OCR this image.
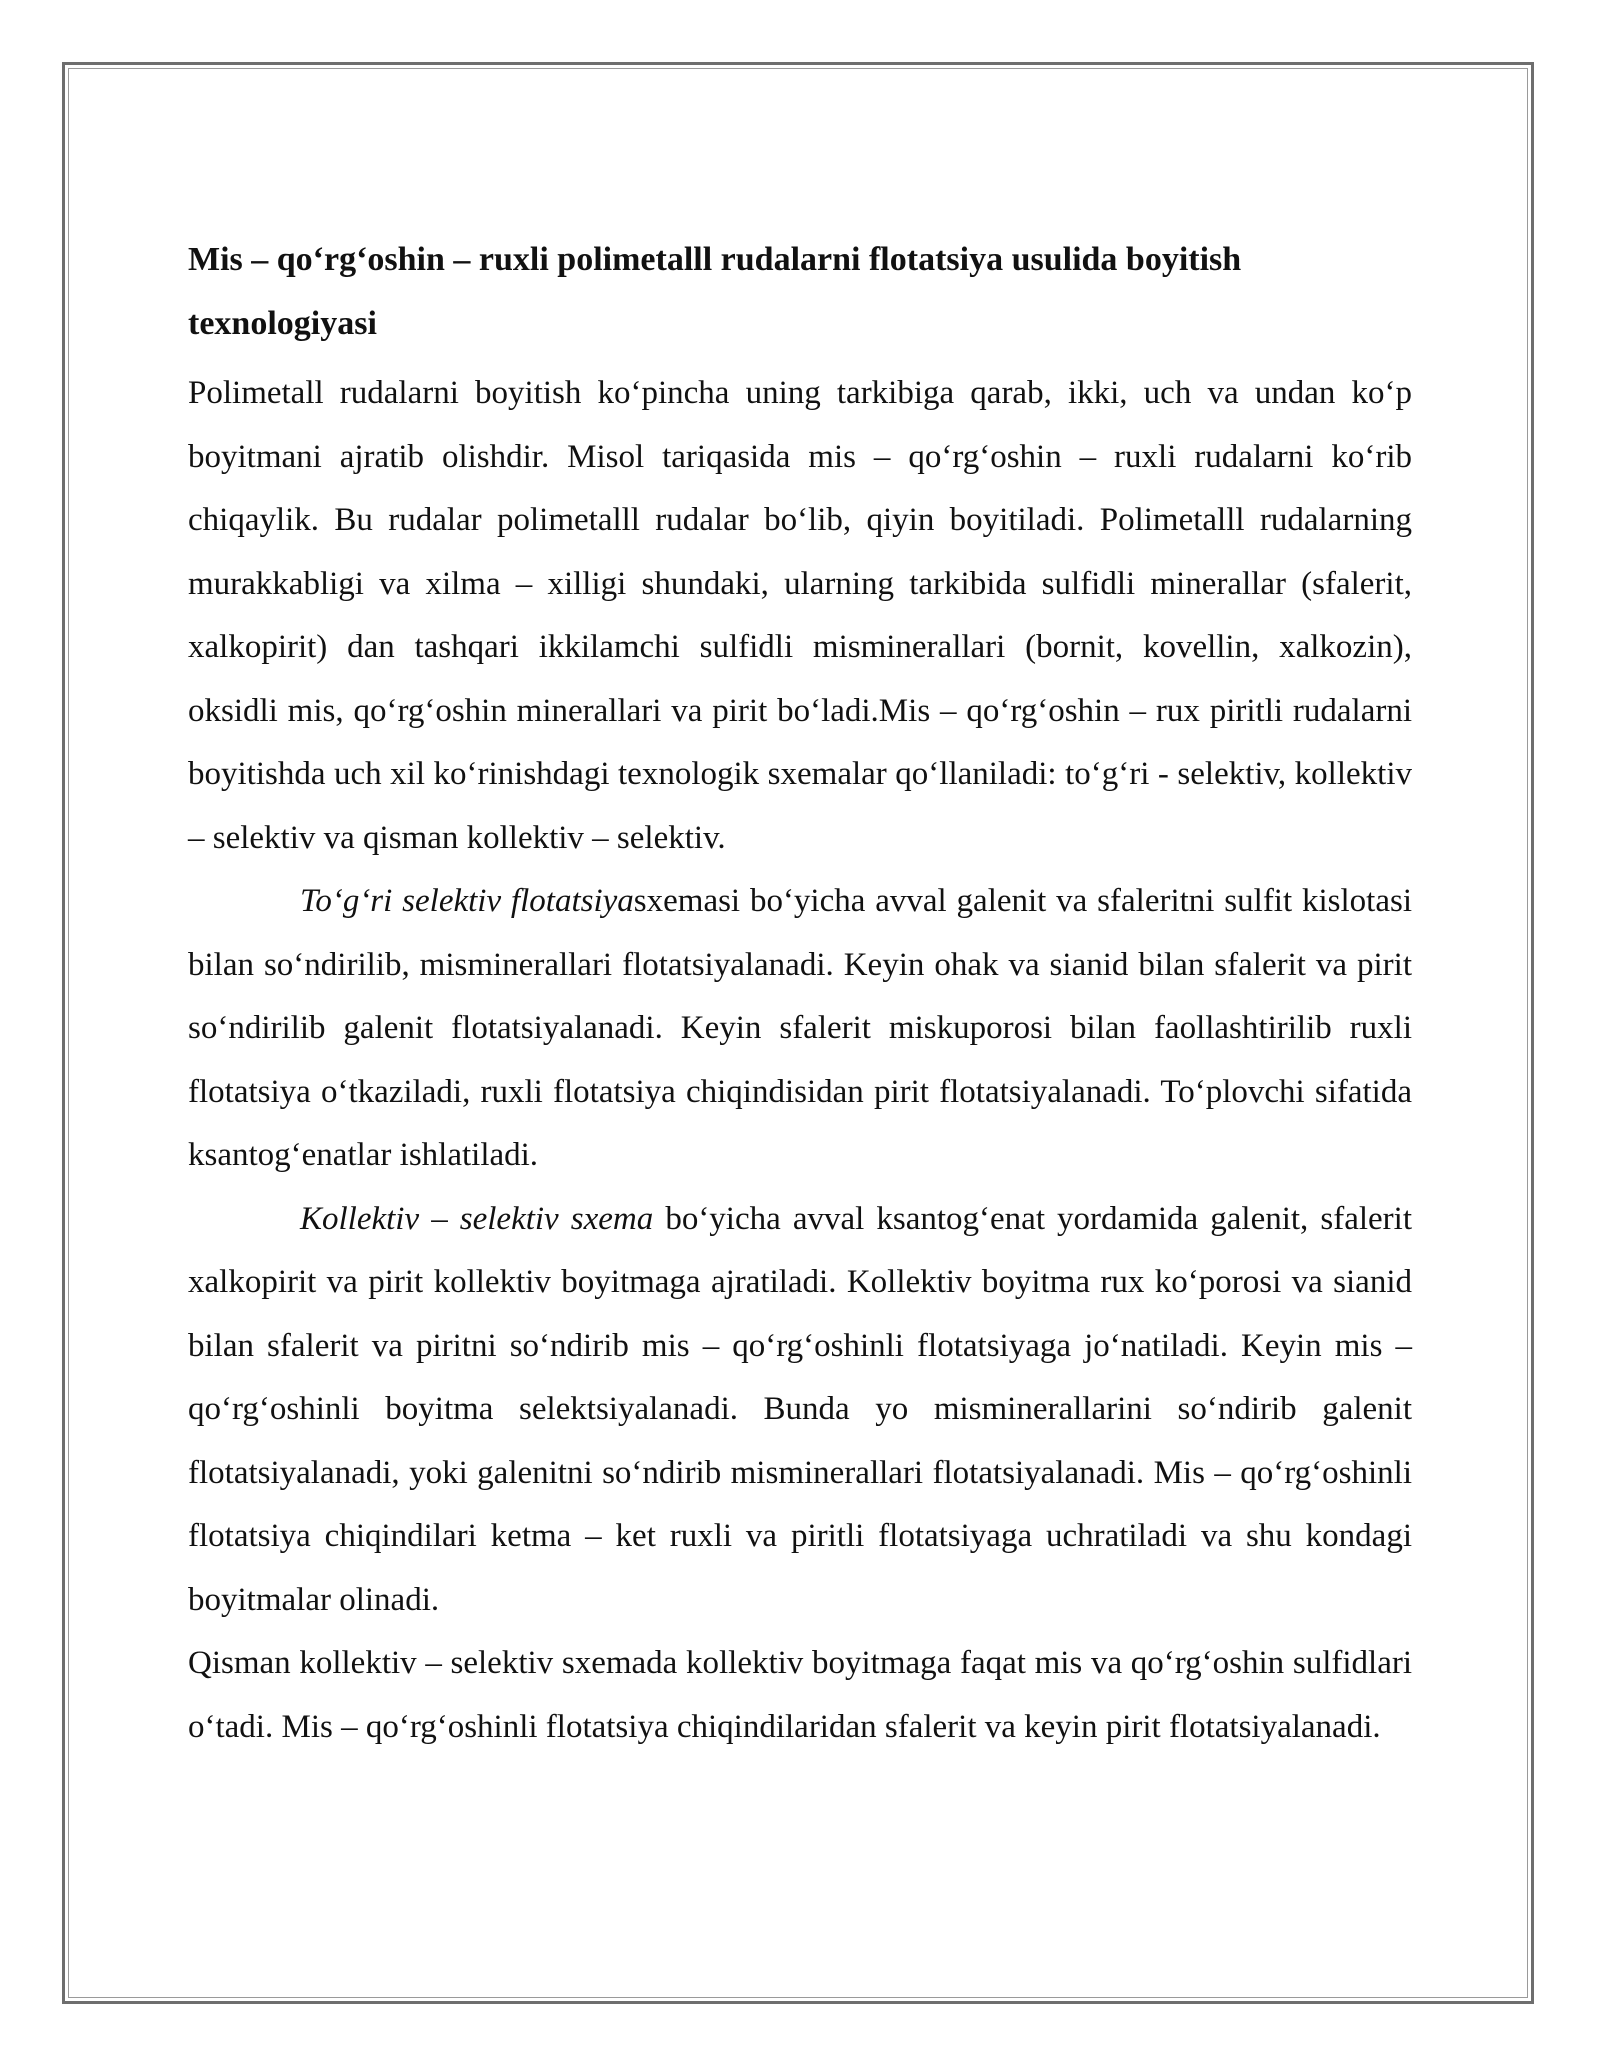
Mis – qo‘rg‘oshin – ruxli polimetalll rudalarni flotatsiya usulida boyitish texnologiyasi

Polimetall rudalarni boyitish ko‘pincha uning tarkibiga qarab, ikki, uch va undan ko‘p boyitmani ajratib olishdir. Misol tariqasida mis – qo‘rg‘oshin – ruxli rudalarni ko‘rib chiqaylik. Bu rudalar polimetalll rudalar bo‘lib, qiyin boyitiladi. Polimetalll rudalarning murakkabligi va xilma – xilligi shundaki, ularning tarkibida sulfidli minerallar (sfalerit, xalkopirit) dan tashqari ikkilamchi sulfidli misminerallari (bornit, kovellin, xalkozin), oksidli mis, qo‘rg‘oshin minerallari va pirit bo‘ladi.Mis – qo‘rg‘oshin – rux piritli rudalarni boyitishda uch xil ko‘rinishdagi texnologik sxemalar qo‘llaniladi: to‘g‘ri - selektiv, kollektiv – selektiv va qisman kollektiv – selektiv.

To‘g‘ri selektiv flotatsiyasxemasi bo‘yicha avval galenit va sfaleritni sulfit kislotasi bilan so‘ndirilib, misminerallari flotatsiyalanadi. Keyin ohak va sianid bilan sfalerit va pirit so‘ndirilib galenit flotatsiyalanadi. Keyin sfalerit miskuporosi bilan faollashtirilib ruxli flotatsiya o‘tkaziladi, ruxli flotatsiya chiqindisidan pirit flotatsiyalanadi. To‘plovchi sifatida ksantog‘enatlar ishlatiladi.

Kollektiv – selektiv sxema bo‘yicha avval ksantog‘enat yordamida galenit, sfalerit xalkopirit va pirit kollektiv boyitmaga ajratiladi. Kollektiv boyitma rux ko‘porosi va sianid bilan sfalerit va piritni so‘ndirib mis – qo‘rg‘oshinli flotatsiyaga jo‘natiladi. Keyin mis – qo‘rg‘oshinli boyitma selektsiyalanadi. Bunda yo misminerallarini so‘ndirib galenit flotatsiyalanadi, yoki galenitni so‘ndirib misminerallari flotatsiyalanadi. Mis – qo‘rg‘oshinli flotatsiya chiqindilari ketma – ket ruxli va piritli flotatsiyaga uchratiladi va shu kondagi boyitmalar olinadi.

Qisman kollektiv – selektiv sxemada kollektiv boyitmaga faqat mis va qo‘rg‘oshin sulfidlari o‘tadi. Mis – qo‘rg‘oshinli flotatsiya chiqindilaridan sfalerit va keyin pirit flotatsiyalanadi.
